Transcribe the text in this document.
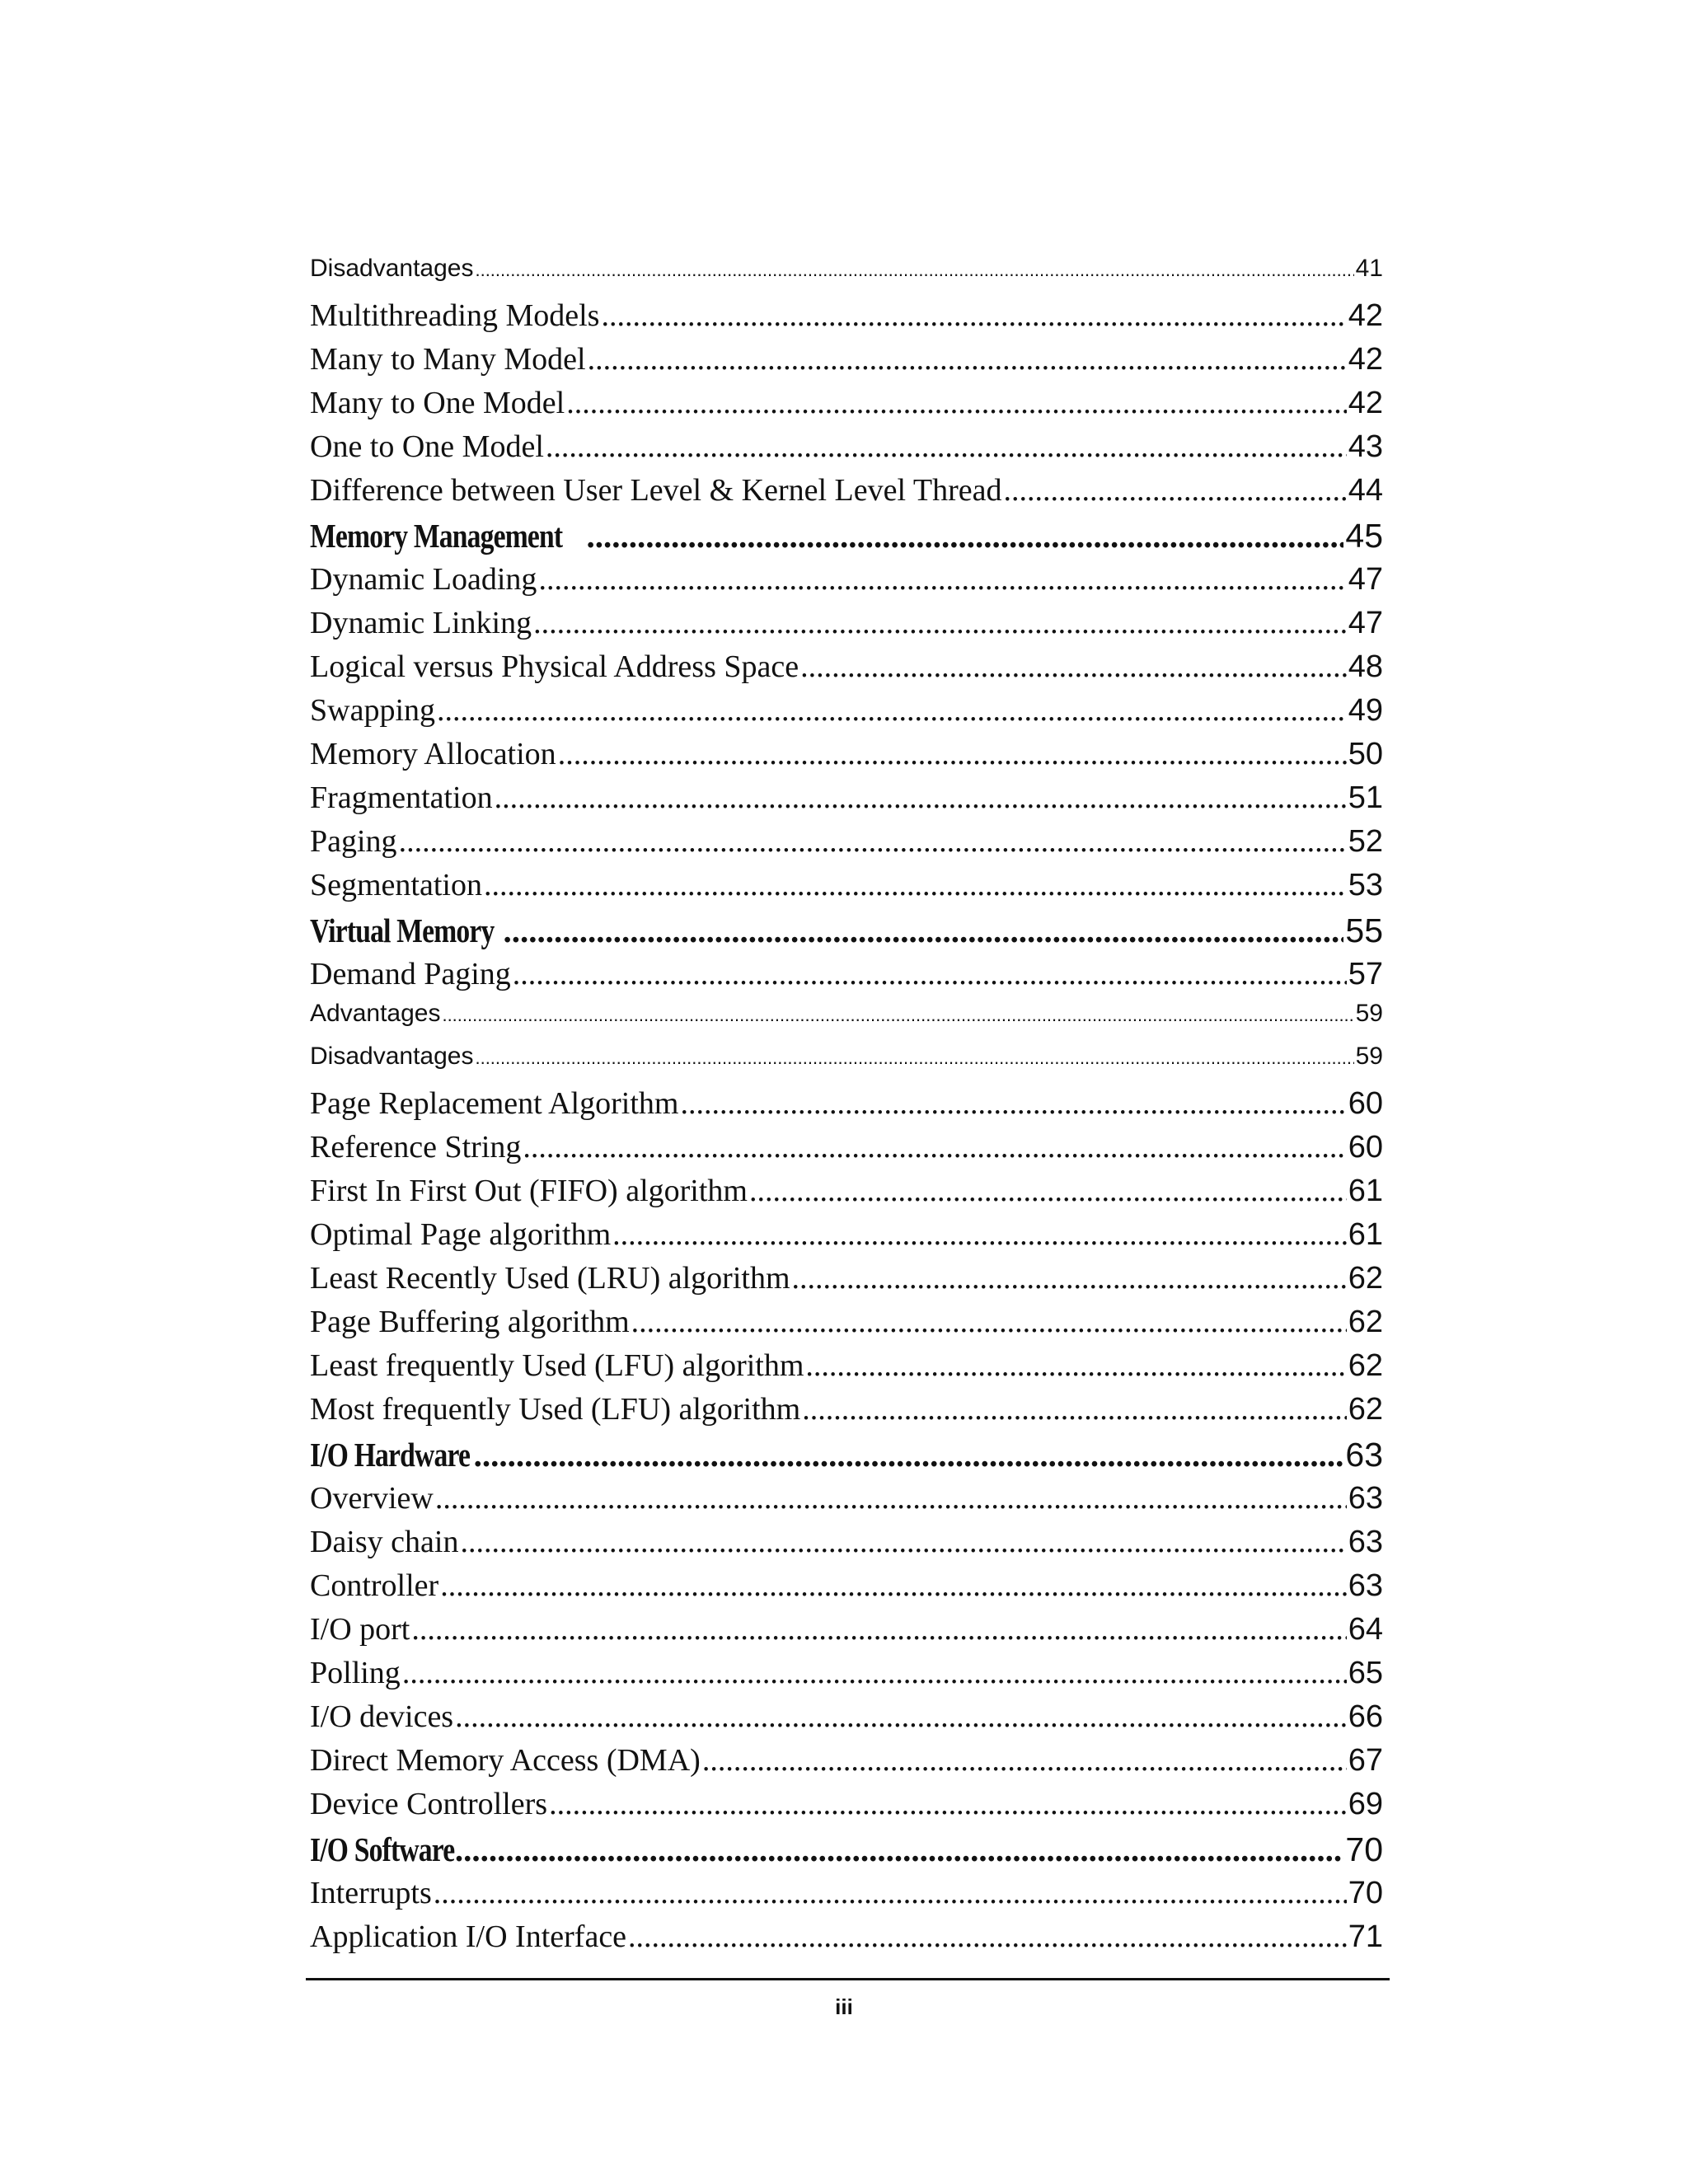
Disadvantages .....	41
Multithreading Models .....	42
Many to Many Model .....	42
Many to One Model .....	42
One to One Model .....	43
Difference between User Level & Kernel Level Thread .....	44
Memory Management .....	45
Dynamic Loading .....	47
Dynamic Linking .....	47
Logical versus Physical Address Space .....	48
Swapping .....	49
Memory Allocation .....	50
Fragmentation .....	51
Paging .....	52
Segmentation .....	53
Virtual Memory .....	55
Demand Paging .....	57
Advantages .....	59
Disadvantages .....	59
Page Replacement Algorithm .....	60
Reference String .....	60
First In First Out (FIFO) algorithm .....	61
Optimal Page algorithm .....	61
Least Recently Used (LRU) algorithm .....	62
Page Buffering algorithm .....	62
Least frequently Used (LFU) algorithm .....	62
Most frequently Used (LFU) algorithm .....	62
I/O Hardware .....	63
Overview .....	63
Daisy chain .....	63
Controller .....	63
I/O port .....	64
Polling .....	65
I/O devices .....	66
Direct Memory Access (DMA) .....	67
Device Controllers .....	69
I/O Software .....	70
Interrupts .....	70
Application I/O Interface .....	71
iii
